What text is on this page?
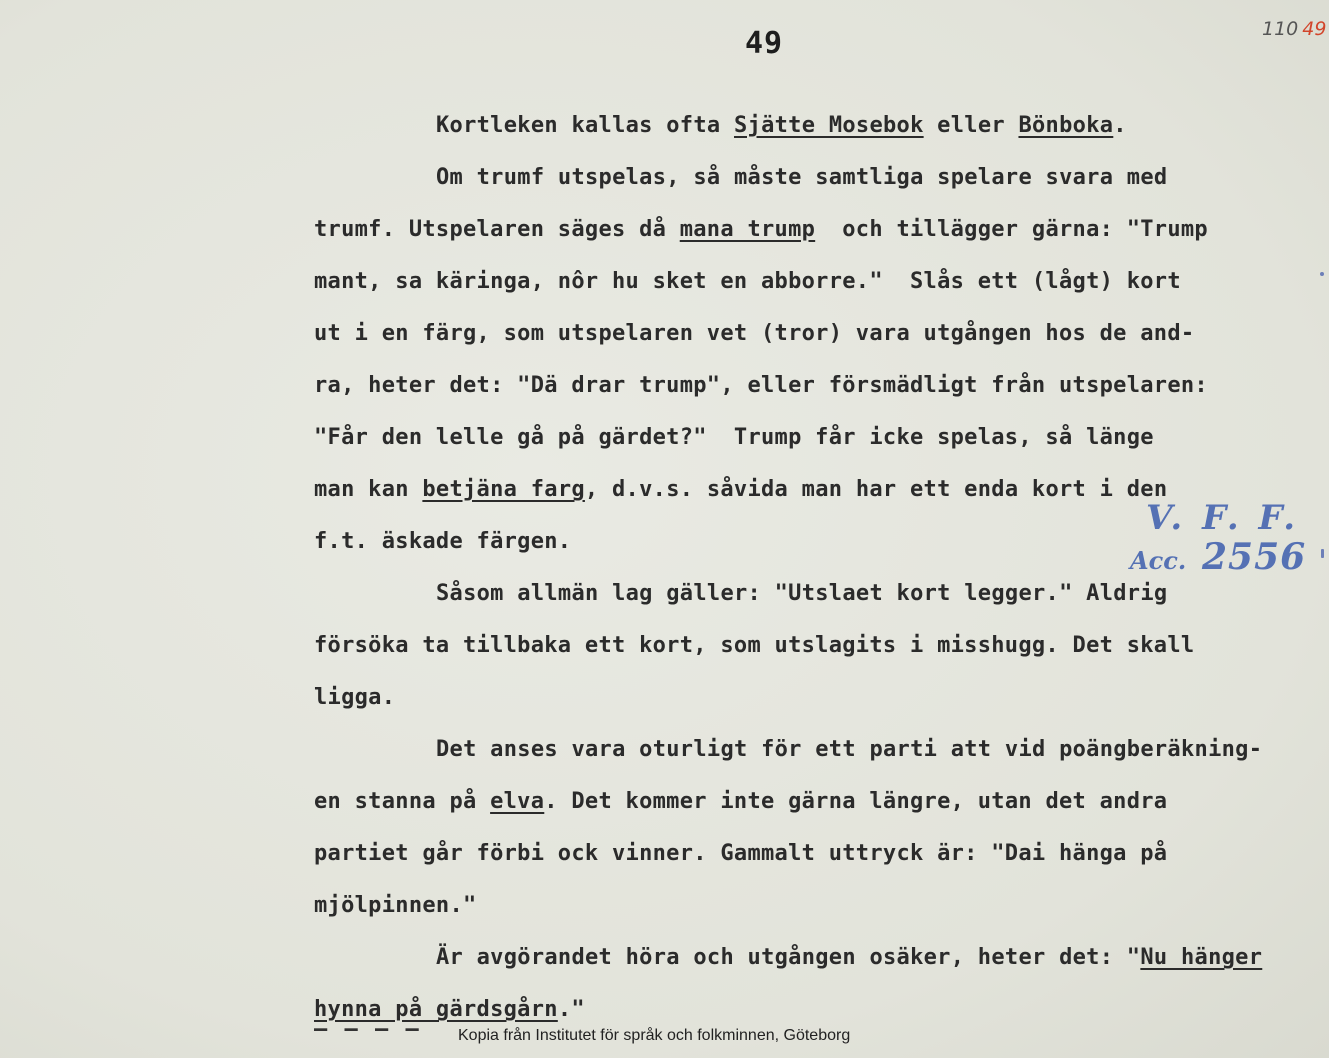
49	110 49
Kortleken kallas ofta Sjätte Mosebok eller Bönboka.
Om trumf utspelas, så måste samtliga spelare svara med
trumf. Utspelaren säges då mana trump  och tillägger gärna: "Trump
mant, sa käringa, nôr hu sket en abborre."  Slås ett (lågt) kort
ut i en färg, som utspelaren vet (tror) vara utgången hos de and-
ra, heter det: "Dä drar trump", eller försmädligt från utspelaren:
"Får den lelle gå på gärdet?"  Trump får icke spelas, så länge
man kan betjäna farg, d.v.s. såvida man har ett enda kort i den
f.t. äskade färgen.
Såsom allmän lag gäller: "Utslaet kort legger." Aldrig
försöka ta tillbaka ett kort, som utslagits i misshugg. Det skall
ligga.
Det anses vara oturligt för ett parti att vid poängberäkning-
en stanna på elva. Det kommer inte gärna längre, utan det andra
partiet går förbi ock vinner. Gammalt uttryck är: "Dai hänga på
mjölpinnen."
Är avgörandet höra och utgången osäker, heter det: "Nu hänger
hynna på gärdsgårn."
V. F. F.
Acc. 2556
— — — — Kopia från Institutet för språk och folkminnen, Göteborg
